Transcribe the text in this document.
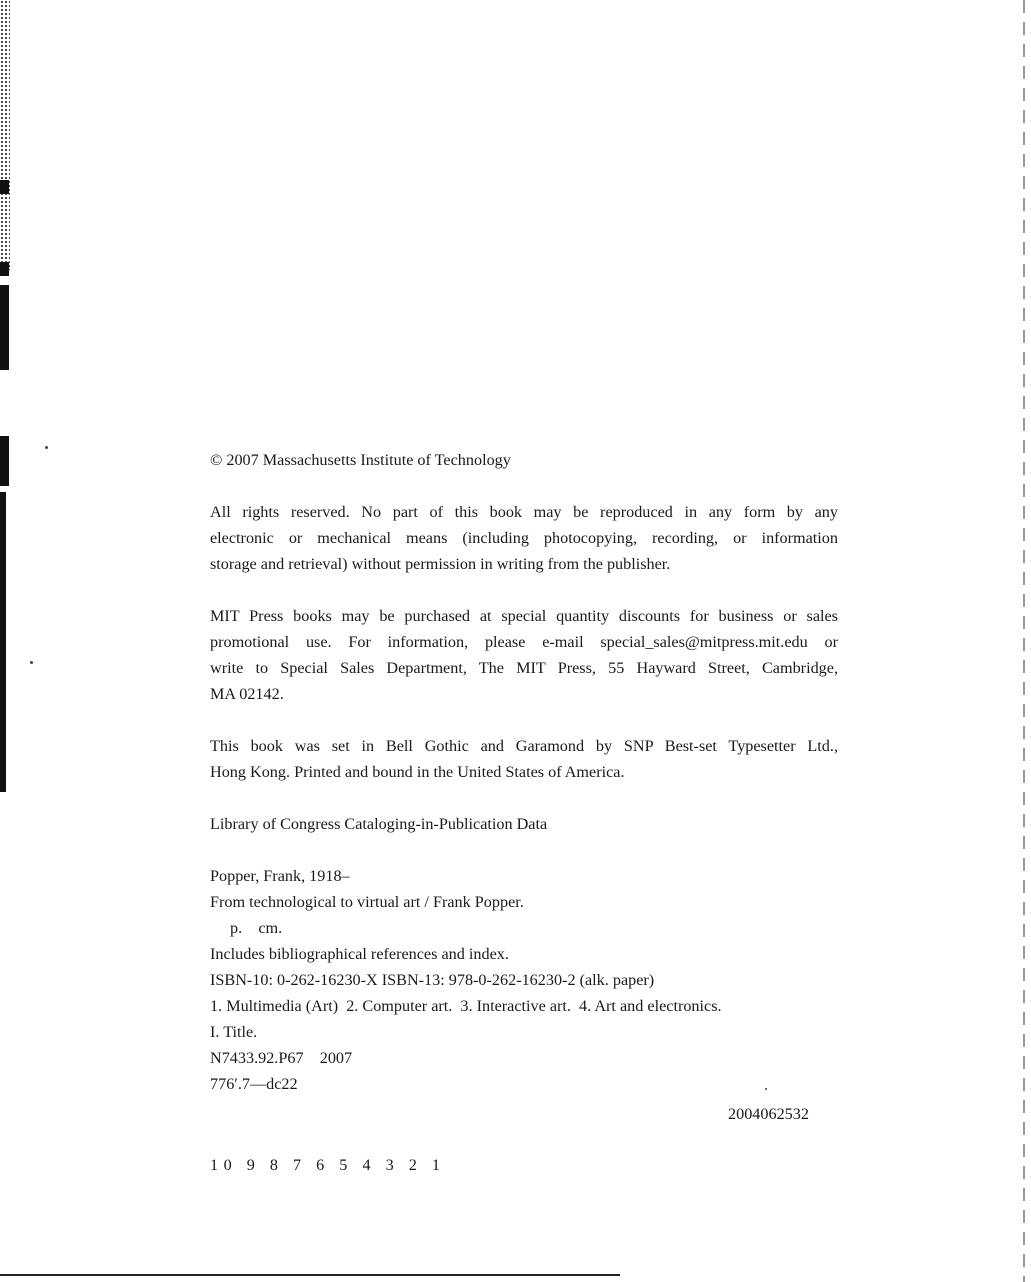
© 2007 Massachusetts Institute of Technology

All rights reserved. No part of this book may be reproduced in any form by any
electronic or mechanical means (including photocopying, recording, or information
storage and retrieval) without permission in writing from the publisher.

MIT Press books may be purchased at special quantity discounts for business or sales
promotional use. For information, please e-mail special_sales@mitpress.mit.edu or
write to Special Sales Department, The MIT Press, 55 Hayward Street, Cambridge,
MA 02142.

This book was set in Bell Gothic and Garamond by SNP Best-set Typesetter Ltd.,
Hong Kong. Printed and bound in the United States of America.

Library of Congress Cataloging-in-Publication Data

Popper, Frank, 1918–
From technological to virtual art / Frank Popper.
p.    cm.
Includes bibliographical references and index.
ISBN-10: 0-262-16230-X ISBN-13: 978-0-262-16230-2 (alk. paper)
1. Multimedia (Art)  2. Computer art.  3. Interactive art.  4. Art and electronics.
I. Title.
N7433.92.P67    2007
776′.7—dc22
2004062532
10 9 8 7 6 5 4 3 2 1
